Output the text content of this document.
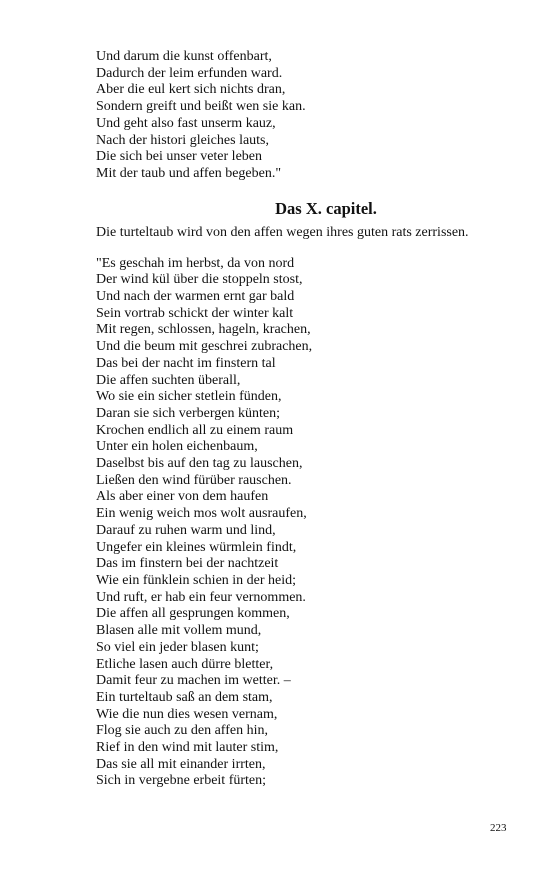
Und darum die kunst offenbart,
Dadurch der leim erfunden ward.
Aber die eul kert sich nichts dran,
Sondern greift und beißt wen sie kan.
Und geht also fast unserm kauz,
Nach der histori gleiches lauts,
Die sich bei unser veter leben
Mit der taub und affen begeben."
Das X. capitel.
Die turteltaub wird von den affen wegen ihres guten rats zerrissen.
"Es geschah im herbst, da von nord
Der wind kül über die stoppeln stost,
Und nach der warmen ernt gar bald
Sein vortrab schickt der winter kalt
Mit regen, schlossen, hageln, krachen,
Und die beum mit geschrei zubrachen,
Das bei der nacht im finstern tal
Die affen suchten überall,
Wo sie ein sicher stetlein fünden,
Daran sie sich verbergen künten;
Krochen endlich all zu einem raum
Unter ein holen eichenbaum,
Daselbst bis auf den tag zu lauschen,
Ließen den wind fürüber rauschen.
Als aber einer von dem haufen
Ein wenig weich mos wolt ausraufen,
Darauf zu ruhen warm und lind,
Ungefer ein kleines würmlein findt,
Das im finstern bei der nachtzeit
Wie ein fünklein schien in der heid;
Und ruft, er hab ein feur vernommen.
Die affen all gesprungen kommen,
Blasen alle mit vollem mund,
So viel ein jeder blasen kunt;
Etliche lasen auch dürre bletter,
Damit feur zu machen im wetter. –
Ein turteltaub saß an dem stam,
Wie die nun dies wesen vernam,
Flog sie auch zu den affen hin,
Rief in den wind mit lauter stim,
Das sie all mit einander irrten,
Sich in vergebne erbeit fürten;
223
